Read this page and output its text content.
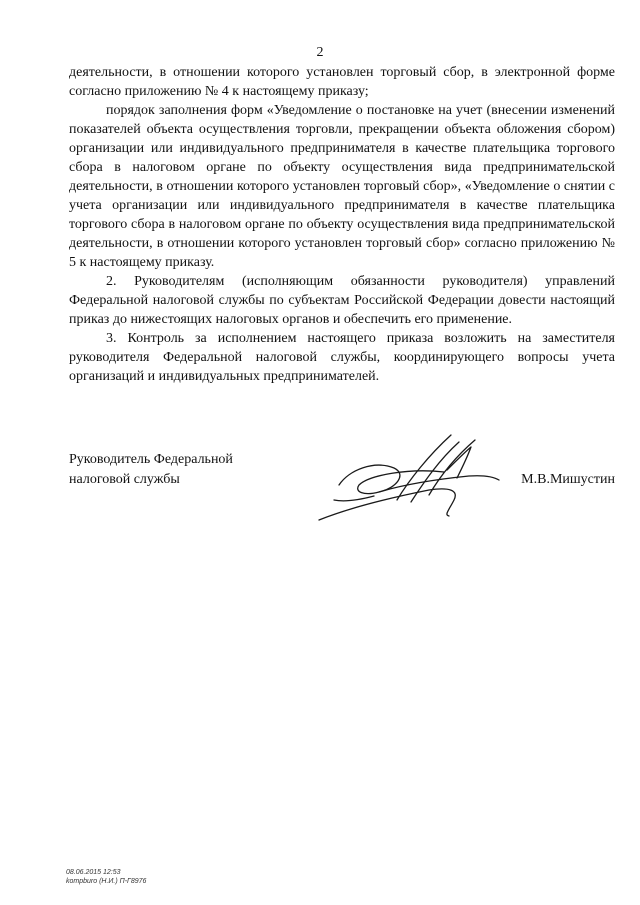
2

деятельности, в отношении которого установлен торговый сбор, в электронной форме согласно приложению № 4 к настоящему приказу;

порядок заполнения форм «Уведомление о постановке на учет (внесении изменений показателей объекта осуществления торговли, прекращении объекта обложения сбором) организации или индивидуального предпринимателя в качестве плательщика торгового сбора в налоговом органе по объекту осуществления вида предпринимательской деятельности, в отношении которого установлен торговый сбор», «Уведомление о снятии с учета организации или индивидуального предпринимателя в качестве плательщика торгового сбора в налоговом органе по объекту осуществления вида предпринимательской деятельности, в отношении которого установлен торговый сбор» согласно приложению № 5 к настоящему приказу.

2. Руководителям (исполняющим обязанности руководителя) управлений Федеральной налоговой службы по субъектам Российской Федерации довести настоящий приказ до нижестоящих налоговых органов и обеспечить его применение.

3. Контроль за исполнением настоящего приказа возложить на заместителя руководителя Федеральной налоговой службы, координирующего вопросы учета организаций и индивидуальных предпринимателей.

Руководитель Федеральной
налоговой службы	М.В.Мишустин
08.06.2015 12:53
kompburo (Н.И.) П-Г8976
